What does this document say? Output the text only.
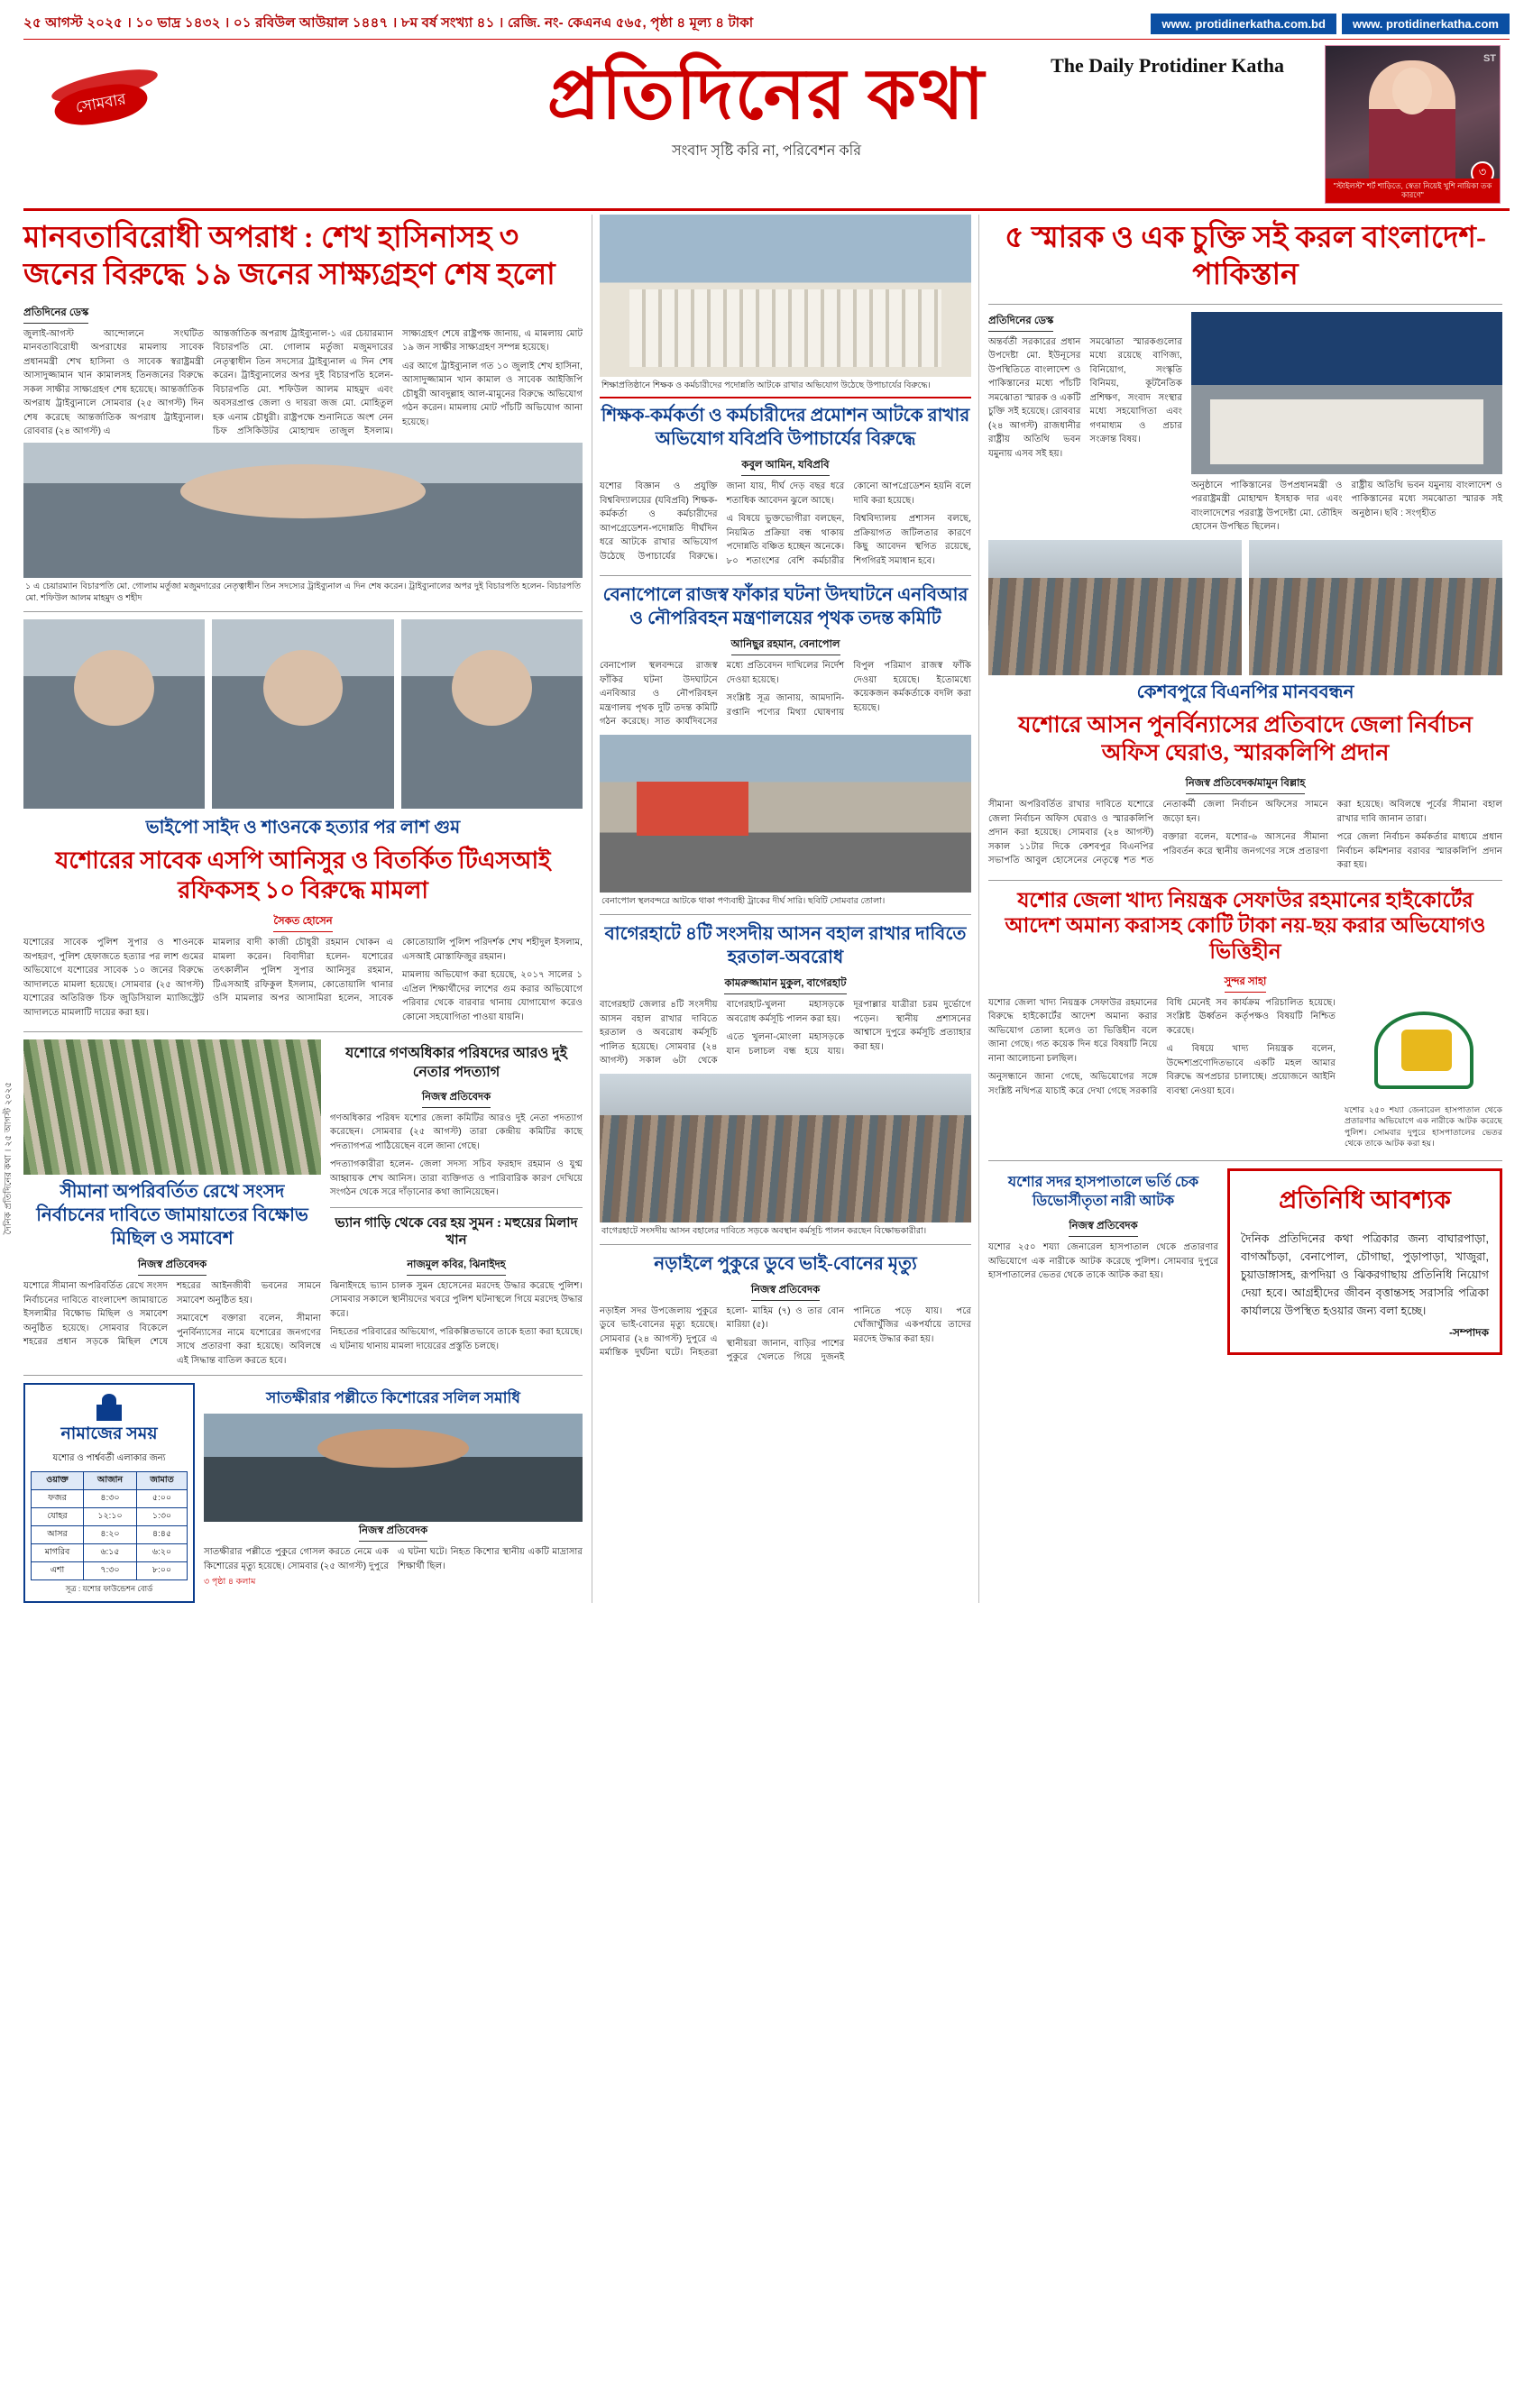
২৫ আগস্ট ২০২৫ । ১০ ভাদ্র ১৪৩২ । ০১ রবিউল আউয়াল ১৪৪৭ । ৮ম বর্ষ সংখ্যা ৪১ । রেজি. নং- কেএনএ ৫৬৫, পৃষ্ঠা ৪ মূল্য ৪ টাকা	www. protidinerkatha.com.bd	www. protidinerkatha.com
সোমবার
The Daily Protidiner Katha
প্রতিদিনের কথা
সংবাদ সৃষ্টি করি না, পরিবেশন করি
ST
৩
"স্টাইলস্ট" শর্ট শাড়িতে, স্বেতা নিয়েই খুশি নায়িকা তক কারণে"
দৈনিক প্রতিদিনের কথা । ২৫ আগস্ট ২০২৫
মানবতাবিরোধী অপরাধ : শেখ হাসিনাসহ ৩ জনের বিরুদ্ধে ১৯ জনের সাক্ষ্যগ্রহণ শেষ হলো
প্রতিদিনের ডেস্ক

জুলাই-আগস্ট আন্দোলনে সংঘটিত মানবতাবিরোধী অপরাধের মামলায় সাবেক প্রধানমন্ত্রী শেখ হাসিনা ও সাবেক স্বরাষ্ট্রমন্ত্রী আসাদুজ্জামান খান কামালসহ তিনজনের বিরুদ্ধে সকল সাক্ষীর সাক্ষ্যগ্রহণ শেষ হয়েছে। আন্তর্জাতিক অপরাধ ট্রাইব্যুনালে সোমবার (২৫ আগস্ট) দিন শেষ করেছে আন্তর্জাতিক অপরাধ ট্রাইব্যুনাল। রোববার (২৪ আগস্ট) এ

আন্তর্জাতিক অপরাধ ট্রাইব্যুনাল-১ এর চেয়ারম্যান বিচারপতি মো. গোলাম মর্তুজা মজুমদারের নেতৃত্বাধীন তিন সদস্যের ট্রাইব্যুনাল এ দিন শেষ করেন। ট্রাইব্যুনালের অপর দুই বিচারপতি হলেন- বিচারপতি মো. শফিউল আলম মাহমুদ এবং অবসরপ্রাপ্ত জেলা ও দায়রা জজ মো. মোহিতুল হক এনাম চৌধুরী। রাষ্ট্রপক্ষে শুনানিতে অংশ নেন চিফ প্রসিকিউটর মোহাম্মদ তাজুল ইসলাম। সাক্ষ্যগ্রহণ শেষে রাষ্ট্রপক্ষ জানায়, এ মামলায় মোট ১৯ জন সাক্ষীর সাক্ষ্যগ্রহণ সম্পন্ন হয়েছে।

এর আগে ট্রাইব্যুনাল গত ১০ জুলাই শেখ হাসিনা, আসাদুজ্জামান খান কামাল ও সাবেক আইজিপি চৌধুরী আবদুল্লাহ আল-মামুনের বিরুদ্ধে অভিযোগ গঠন করেন। মামলায় মোট পাঁচটি অভিযোগ আনা হয়েছে।

১ এ চেয়ারম্যান বিচারপতি মো. গোলাম মর্তুজা মজুমদারের নেতৃত্বাধীন তিন সদস্যের ট্রাইব্যুনাল এ দিন শেষ করেন। ট্রাইব্যুনালের অপর দুই বিচারপতি হলেন- বিচারপতি মো. শফিউল আলম মাহমুদ ও শহীদ
ভাইপো সাইদ ও শাওনকে হত্যার পর লাশ গুম
যশোরের সাবেক এসপি আনিসুর ও বিতর্কিত টিএসআই রফিকসহ ১০ বিরুদ্ধে মামলা
সৈকত হোসেন

যশোরের সাবেক পুলিশ সুপার ও শাওনকে অপহরণ, পুলিশ হেফাজতে হত্যার পর লাশ গুমের অভিযোগে যশোরের সাবেক ১০ জনের বিরুদ্ধে আদালতে মামলা হয়েছে। সোমবার (২৫ আগস্ট) যশোরের অতিরিক্ত চিফ জুডিসিয়াল ম্যাজিস্ট্রেট আদালতে মামলাটি দায়ের করা হয়।

মামলার বাদী কাজী চৌধুরী রহমান খোকন এ মামলা করেন। বিবাদীরা হলেন- যশোরের তৎকালীন পুলিশ সুপার আনিসুর রহমান, টিএসআই রফিকুল ইসলাম, কোতোয়ালি থানার ওসি মামলার অপর আসামিরা হলেন, সাবেক কোতোয়ালি পুলিশ পরিদর্শক শেখ শহীদুল ইসলাম, এসআই মোস্তাফিজুর রহমান।

মামলায় অভিযোগ করা হয়েছে, ২০১৭ সালের ১ এপ্রিল শিক্ষার্থীদের লাশের গুম করার অভিযোগে পরিবার থেকে বারবার থানায় যোগাযোগ করেও কোনো সহযোগিতা পাওয়া যায়নি।

সীমানা অপরিবর্তিত রেখে সংসদ নির্বাচনের দাবিতে জামায়াতের বিক্ষোভ মিছিল ও সমাবেশ
নিজস্ব প্রতিবেদক

যশোরে সীমানা অপরিবর্তিত রেখে সংসদ নির্বাচনের দাবিতে বাংলাদেশ জামায়াতে ইসলামীর বিক্ষোভ মিছিল ও সমাবেশ অনুষ্ঠিত হয়েছে। সোমবার বিকেলে শহরের প্রধান সড়কে মিছিল শেষে শহরের আইনজীবী ভবনের সামনে সমাবেশ অনুষ্ঠিত হয়।

সমাবেশে বক্তারা বলেন, সীমানা পুনর্বিন্যাসের নামে যশোরের জনগণের সাথে প্রতারণা করা হয়েছে। অবিলম্বে এই সিদ্ধান্ত বাতিল করতে হবে।

যশোরে গণঅধিকার পরিষদের আরও দুই নেতার পদত্যাগ
নিজস্ব প্রতিবেদক

গণঅধিকার পরিষদ যশোর জেলা কমিটির আরও দুই নেতা পদত্যাগ করেছেন। সোমবার (২৫ আগস্ট) তারা কেন্দ্রীয় কমিটির কাছে পদত্যাগপত্র পাঠিয়েছেন বলে জানা গেছে।

পদত্যাগকারীরা হলেন- জেলা সদস্য সচিব ফরহাদ রহমান ও যুগ্ম আহ্বায়ক শেখ আনিস। তারা ব্যক্তিগত ও পারিবারিক কারণ দেখিয়ে সংগঠন থেকে সরে দাঁড়ানোর কথা জানিয়েছেন।

ভ্যান গাড়ি থেকে বের হয় সুমন : মহুয়ের মিলাদ খান
নাজমুল কবির, ঝিনাইদহ

ঝিনাইদহে ভ্যান চালক সুমন হোসেনের মরদেহ উদ্ধার করেছে পুলিশ। সোমবার সকালে স্থানীয়দের খবরে পুলিশ ঘটনাস্থলে গিয়ে মরদেহ উদ্ধার করে।

নিহতের পরিবারের অভিযোগ, পরিকল্পিতভাবে তাকে হত্যা করা হয়েছে। এ ঘটনায় থানায় মামলা দায়েরের প্রস্তুতি চলছে।

নামাজের সময়
যশোর ও পার্শ্ববর্তী এলাকার জন্য
ওয়াক্ত	আজান	জামাত
ফজর	৪:৩০	৫:০০
যোহর	১২:১০	১:৩০
আসর	৪:২০	৪:৪৫
মাগরিব	৬:১৫	৬:২০
এশা	৭:৩০	৮:০০
সূত্র : যশোর ফাউন্ডেশন বোর্ড
সাতক্ষীরার পল্লীতে কিশোরের সলিল সমাধি
নিজস্ব প্রতিবেদক

সাতক্ষীরার পল্লীতে পুকুরে গোসল করতে নেমে এক কিশোরের মৃত্যু হয়েছে। সোমবার (২৫ আগস্ট) দুপুরে এ ঘটনা ঘটে। নিহত কিশোর স্থানীয় একটি মাদ্রাসার শিক্ষার্থী ছিল।

৩ পৃষ্ঠা ৪ কলাম
শিক্ষাপ্রতিষ্ঠানে শিক্ষক ও কর্মচারীদের পদোন্নতি আটকে রাখার অভিযোগ উঠেছে উপাচার্যের বিরুদ্ধে।
শিক্ষক-কর্মকর্তা ও কর্মচারীদের প্রমোশন আটকে রাখার অভিযোগ যবিপ্রবি উপাচার্যের বিরুদ্ধে
কবুল আমিন, যবিপ্রবি

যশোর বিজ্ঞান ও প্রযুক্তি বিশ্ববিদ্যালয়ের (যবিপ্রবি) শিক্ষক-কর্মকর্তা ও কর্মচারীদের আপগ্রেডেশন-পদোন্নতি দীর্ঘদিন ধরে আটকে রাখার অভিযোগ উঠেছে উপাচার্যের বিরুদ্ধে। জানা যায়, দীর্ঘ দেড় বছর ধরে শতাধিক আবেদন ঝুলে আছে।

এ বিষয়ে ভুক্তভোগীরা বলছেন, নিয়মিত প্রক্রিয়া বন্ধ থাকায় পদোন্নতি বঞ্চিত হচ্ছেন অনেকে। ৮০ শতাংশের বেশি কর্মচারীর কোনো আপগ্রেডেশন হয়নি বলে দাবি করা হয়েছে।

বিশ্ববিদ্যালয় প্রশাসন বলছে, প্রক্রিয়াগত জটিলতার কারণে কিছু আবেদন স্থগিত রয়েছে, শিগগিরই সমাধান হবে।

বেনাপোলে রাজস্ব ফাঁকার ঘটনা উদঘাটনে এনবিআর ও নৌপরিবহন মন্ত্রণালয়ের পৃথক তদন্ত কমিটি
আনিছুর রহমান, বেনাপোল

বেনাপোল স্থলবন্দরে রাজস্ব ফাঁকির ঘটনা উদঘাটনে এনবিআর ও নৌপরিবহন মন্ত্রণালয় পৃথক দুটি তদন্ত কমিটি গঠন করেছে। সাত কার্যদিবসের মধ্যে প্রতিবেদন দাখিলের নির্দেশ দেওয়া হয়েছে।

সংশ্লিষ্ট সূত্র জানায়, আমদানি-রপ্তানি পণ্যের মিথ্যা ঘোষণায় বিপুল পরিমাণ রাজস্ব ফাঁকি দেওয়া হয়েছে। ইতোমধ্যে কয়েকজন কর্মকর্তাকে বদলি করা হয়েছে।

বেনাপোল স্থলবন্দরে আটকে থাকা পণ্যবাহী ট্রাকের দীর্ঘ সারি। ছবিটি সোমবার তোলা।
বাগেরহাটে ৪টি সংসদীয় আসন বহাল রাখার দাবিতে হরতাল-অবরোধ
কামরুজ্জামান মুকুল, বাগেরহাট

বাগেরহাট জেলার ৪টি সংসদীয় আসন বহাল রাখার দাবিতে হরতাল ও অবরোধ কর্মসূচি পালিত হয়েছে। সোমবার (২৪ আগস্ট) সকাল ৬টা থেকে বাগেরহাট-খুলনা মহাসড়কে অবরোধ কর্মসূচি পালন করা হয়।

এতে খুলনা-মোংলা মহাসড়কে যান চলাচল বন্ধ হয়ে যায়। দূরপাল্লার যাত্রীরা চরম দুর্ভোগে পড়েন। স্থানীয় প্রশাসনের আশ্বাসে দুপুরে কর্মসূচি প্রত্যাহার করা হয়।

বাগেরহাটে সংসদীয় আসন বহালের দাবিতে সড়কে অবস্থান কর্মসূচি পালন করছেন বিক্ষোভকারীরা।
নড়াইলে পুকুরে ডুবে ভাই-বোনের মৃত্যু
নিজস্ব প্রতিবেদক

নড়াইল সদর উপজেলায় পুকুরে ডুবে ভাই-বোনের মৃত্যু হয়েছে। সোমবার (২৪ আগস্ট) দুপুরে এ মর্মান্তিক দুর্ঘটনা ঘটে। নিহতরা হলো- মাহিম (৭) ও তার বোন মারিয়া (৫)।

স্থানীয়রা জানান, বাড়ির পাশের পুকুরে খেলতে গিয়ে দুজনই পানিতে পড়ে যায়। পরে খোঁজাখুঁজির একপর্যায়ে তাদের মরদেহ উদ্ধার করা হয়।

৫ স্মারক ও এক চুক্তি সই করল বাংলাদেশ-পাকিস্তান
প্রতিদিনের ডেস্ক

অন্তর্বর্তী সরকারের প্রধান উপদেষ্টা মো. ইউনূসের উপস্থিতিতে বাংলাদেশ ও পাকিস্তানের মধ্যে পাঁচটি সমঝোতা স্মারক ও একটি চুক্তি সই হয়েছে। রোববার (২৪ আগস্ট) রাজধানীর রাষ্ট্রীয় অতিথি ভবন যমুনায় এসব সই হয়।

সমঝোতা স্মারকগুলোর মধ্যে রয়েছে বাণিজ্য, বিনিয়োগ, সংস্কৃতি বিনিময়, কূটনৈতিক প্রশিক্ষণ, সংবাদ সংস্থার মধ্যে সহযোগিতা এবং গণমাধ্যম ও প্রচার সংক্রান্ত বিষয়।

অনুষ্ঠানে পাকিস্তানের উপপ্রধানমন্ত্রী ও পররাষ্ট্রমন্ত্রী মোহাম্মদ ইসহাক দার এবং বাংলাদেশের পররাষ্ট্র উপদেষ্টা মো. তৌহিদ হোসেন উপস্থিত ছিলেন।

রাষ্ট্রীয় অতিথি ভবন যমুনায় বাংলাদেশ ও পাকিস্তানের মধ্যে সমঝোতা স্মারক সই অনুষ্ঠান। ছবি : সংগৃহীত

কেশবপুরে বিএনপির মানববন্ধন
যশোরে আসন পুনর্বিন্যাসের প্রতিবাদে জেলা নির্বাচন অফিস ঘেরাও, স্মারকলিপি প্রদান
নিজস্ব প্রতিবেদক/মামুন বিল্লাহ

সীমানা অপরিবর্তিত রাখার দাবিতে যশোরে জেলা নির্বাচন অফিস ঘেরাও ও স্মারকলিপি প্রদান করা হয়েছে। সোমবার (২৪ আগস্ট) সকাল ১১টার দিকে কেশবপুর বিএনপির সভাপতি আবুল হোসেনের নেতৃত্বে শত শত নেতাকর্মী জেলা নির্বাচন অফিসের সামনে জড়ো হন।

বক্তারা বলেন, যশোর-৬ আসনের সীমানা পরিবর্তন করে স্থানীয় জনগণের সঙ্গে প্রতারণা করা হয়েছে। অবিলম্বে পূর্বের সীমানা বহাল রাখার দাবি জানান তারা।

পরে জেলা নির্বাচন কর্মকর্তার মাধ্যমে প্রধান নির্বাচন কমিশনার বরাবর স্মারকলিপি প্রদান করা হয়।

যশোর জেলা খাদ্য নিয়ন্ত্রক সেফাউর রহমানের হাইকোর্টের আদেশ অমান্য করাসহ কোটি টাকা নয়-ছয় করার অভিযোগও ভিত্তিহীন
সুন্দর সাহা

যশোর জেলা খাদ্য নিয়ন্ত্রক সেফাউর রহমানের বিরুদ্ধে হাইকোর্টের আদেশ অমান্য করার অভিযোগ তোলা হলেও তা ভিত্তিহীন বলে জানা গেছে। গত কয়েক দিন ধরে বিষয়টি নিয়ে নানা আলোচনা চলছিল।

অনুসন্ধানে জানা গেছে, অভিযোগের সঙ্গে সংশ্লিষ্ট নথিপত্র যাচাই করে দেখা গেছে সরকারি বিধি মেনেই সব কার্যক্রম পরিচালিত হয়েছে। সংশ্লিষ্ট ঊর্ধ্বতন কর্তৃপক্ষও বিষয়টি নিশ্চিত করেছে।

এ বিষয়ে খাদ্য নিয়ন্ত্রক বলেন, উদ্দেশ্যপ্রণোদিতভাবে একটি মহল আমার বিরুদ্ধে অপপ্রচার চালাচ্ছে। প্রয়োজনে আইনি ব্যবস্থা নেওয়া হবে।

যশোর ২৫০ শয্যা জেনারেল হাসপাতাল থেকে প্রতারণার অভিযোগে এক নারীকে আটক করেছে পুলিশ। সোমবার দুপুরে হাসপাতালের ভেতর থেকে তাকে আটক করা হয়।

যশোর সদর হাসপাতালে ভর্তি চেক ডিভোর্সীতৃতা নারী আটক
নিজস্ব প্রতিবেদক

যশোর ২৫০ শয্যা জেনারেল হাসপাতাল থেকে প্রতারণার অভিযোগে এক নারীকে আটক করেছে পুলিশ। সোমবার দুপুরে হাসপাতালের ভেতর থেকে তাকে আটক করা হয়।

প্রতিনিধি আবশ্যক

দৈনিক প্রতিদিনের কথা পত্রিকার জন্য বাঘারপাড়া, বাগআঁচড়া, বেনাপোল, চৌগাছা, পুড়াপাড়া, খাজুরা, চুয়াডাঙ্গাসহ, রূপদিয়া ও ঝিকরগাছায় প্রতিনিধি নিয়োগ দেয়া হবে। আগ্রহীদের জীবন বৃত্তান্তসহ সরাসরি পত্রিকা কার্যালয়ে উপস্থিত হওয়ার জন্য বলা হচ্ছে।

-সম্পাদক
